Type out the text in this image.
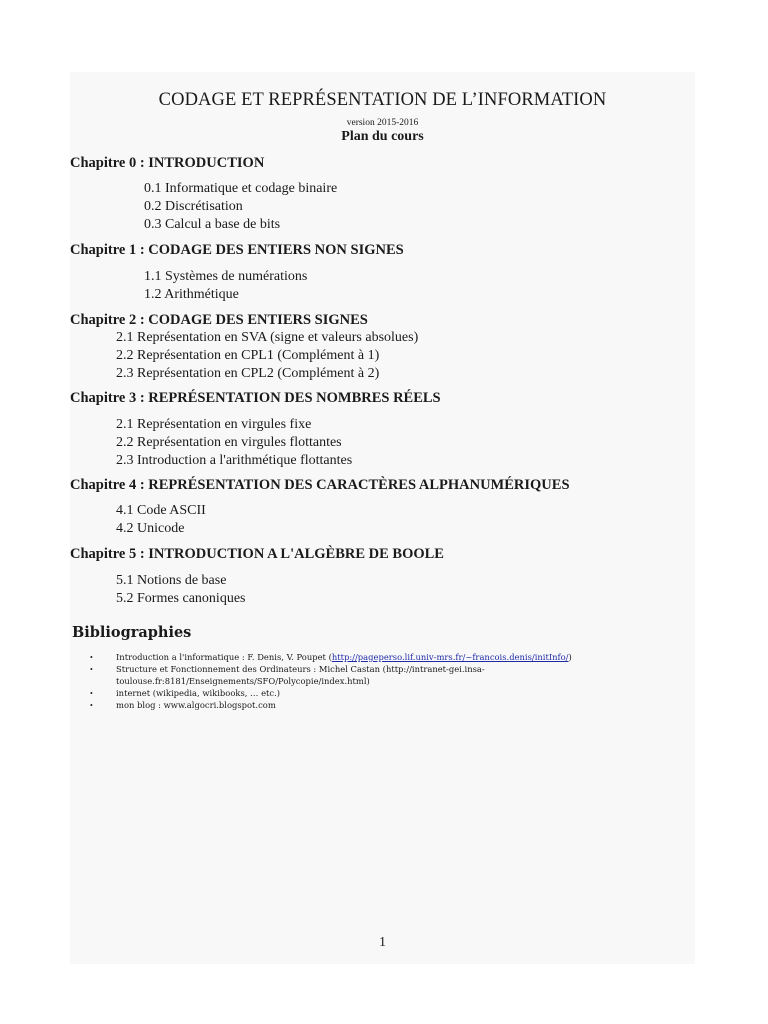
CODAGE ET REPRÉSENTATION DE L’INFORMATION
version 2015-2016
Plan du cours
Chapitre 0 : INTRODUCTION
0.1 Informatique et codage binaire
0.2 Discrétisation
0.3 Calcul a base de bits
Chapitre 1 : CODAGE DES ENTIERS NON SIGNES
1.1 Systèmes de numérations
1.2 Arithmétique
Chapitre 2 : CODAGE DES ENTIERS SIGNES
2.1 Représentation en SVA (signe et valeurs absolues)
2.2 Représentation en CPL1 (Complément à 1)
2.3 Représentation en CPL2 (Complément à 2)
Chapitre 3 : REPRÉSENTATION DES NOMBRES RÉELS
2.1 Représentation en virgules fixe
2.2 Représentation en virgules flottantes
2.3 Introduction a l'arithmétique flottantes
Chapitre 4 : REPRÉSENTATION DES CARACTÈRES ALPHANUMÉRIQUES
4.1 Code ASCII
4.2 Unicode
Chapitre 5 : INTRODUCTION A L'ALGÈBRE DE BOOLE
5.1 Notions de base
5.2 Formes canoniques
Bibliographies
•	Introduction a l'informatique : F. Denis, V. Poupet (http://pageperso.lif.univ-mrs.fr/~francois.denis/initInfo/)
•	Structure et Fonctionnement des Ordinateurs : Michel Castan (http://intranet-gei.insa-
toulouse.fr:8181/Enseignements/SFO/Polycopie/index.html)
•	internet (wikipedia, wikibooks, … etc.)
•	mon blog : www.algocri.blogspot.com
1
